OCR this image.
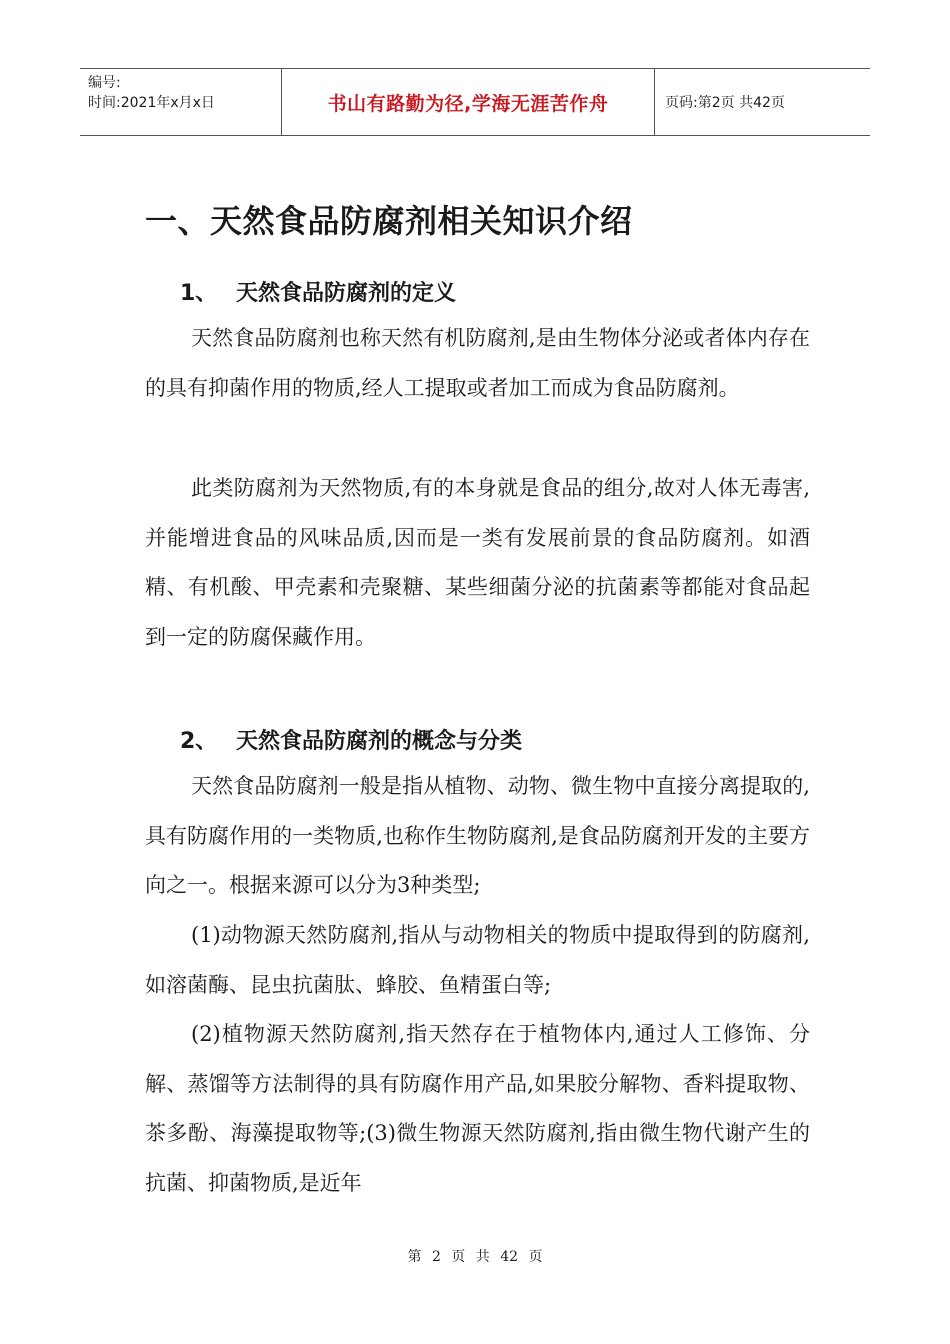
编号:
时间:2021年x月x日	书山有路勤为径,学海无涯苦作舟	页码:第2页 共42页
一、天然食品防腐剂相关知识介绍
1、 天然食品防腐剂的定义

天然食品防腐剂也称天然有机防腐剂,是由生物体分泌或者体内存在的具有抑菌作用的物质,经人工提取或者加工而成为食品防腐剂。

此类防腐剂为天然物质,有的本身就是食品的组分,故对人体无毒害,并能增进食品的风味品质,因而是一类有发展前景的食品防腐剂。如酒精、有机酸、甲壳素和壳聚糖、某些细菌分泌的抗菌素等都能对食品起到一定的防腐保藏作用。

2、 天然食品防腐剂的概念与分类

天然食品防腐剂一般是指从植物、动物、微生物中直接分离提取的,具有防腐作用的一类物质,也称作生物防腐剂,是食品防腐剂开发的主要方向之一。根据来源可以分为3种类型;

(1)动物源天然防腐剂,指从与动物相关的物质中提取得到的防腐剂,如溶菌酶、昆虫抗菌肽、蜂胶、鱼精蛋白等;

(2)植物源天然防腐剂,指天然存在于植物体内,通过人工修饰、分解、蒸馏等方法制得的具有防腐作用产品,如果胶分解物、香料提取物、茶多酚、海藻提取物等;(3)微生物源天然防腐剂,指由微生物代谢产生的抗菌、抑菌物质,是近年

第 2 页 共 42 页
